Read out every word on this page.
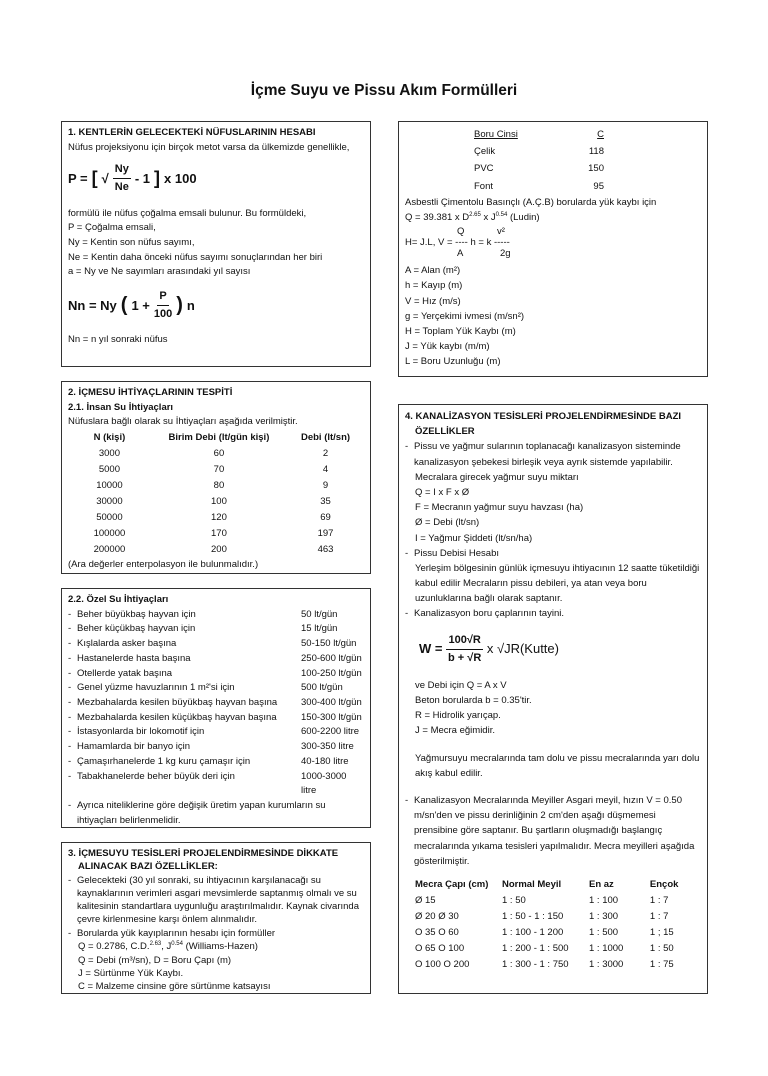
İçme Suyu ve Pissu Akım Formülleri
1. KENTLERİN GELECEKTEKİ NÜFUSLARININ HESABI
Nüfus projeksiyonu için birçok metot varsa da ülkemizde genellikle,
P = [ √ $\frac{Ny}{Ne} - 1$ ] x 100
formülü ile nüfus çoğalma emsali bulunur. Bu formüldeki,
P = Çoğalma emsali,
Ny = Kentin son nüfus sayımı,
Ne = Kentin daha önceki nüfus sayımı sonuçlarından her biri
a = Ny ve Ne sayımları arasındaki yıl sayısı
Nn = Ny ( $1 + \frac{P}{100}$ ) n
Nn = n yıl sonraki nüfus
2. İÇMESU İHTİYAÇLARININ TESPİTİ
2.1. İnsan Su İhtiyaçları
Nüfuslara bağlı olarak su İhtiyaçları aşağıda verilmiştir.
N (kişi)	Birim Debi (lt/gün kişi)	Debi (lt/sn)
3000	60	2
5000	70	4
10000	80	9
30000	100	35
50000	120	69
100000	170	197
200000	200	463
(Ara değerler enterpolasyon ile bulunmalıdır.)
2.2. Özel Su İhtiyaçları
- Beher büyükbaş hayvan için	50 lt/gün
- Beher küçükbaş hayvan için	15 lt/gün
- Kışlalarda asker başına	50-150 lt/gün
- Hastanelerde hasta başına	250-600 lt/gün
- Otellerde yatak başına	100-250 lt/gün
- Genel yüzme havuzlarının 1 m²'si için	500 lt/gün
- Mezbahalarda kesilen büyükbaş hayvan başına	300-400 lt/gün
- Mezbahalarda kesilen küçükbaş hayvan başına	150-300 lt/gün
- İstasyonlarda bir lokomotif için	600-2200 litre
- Hamamlarda bir banyo için	300-350 litre
- Çamaşırhanelerde 1 kg kuru çamaşır için	40-180 litre
- Tabakhanelerde beher büyük deri için	1000-3000 litre
- Ayrıca niteliklerine göre değişik üretim yapan kurumların su ihtiyaçları belirlenmelidir.
3. İÇMESUYU TESİSLERİ PROJELENDİRMESİNDE DİKKATE
ALINACAK BAZI ÖZELLİKLER:
- Gelecekteki (30 yıl sonraki, su ihtiyacının karşılanacağı su kaynaklarının verimleri asgari mevsimlerde saptanmış olmalı ve su kalitesinin standartlara uygunluğu araştırılmalıdır. Kaynak civarında çevre kirlenmesine karşı önlem alınmalıdır.
- Borularda yük kayıplarının hesabı için formüller
Q = 0.2786, C.D.$^{2.63}$, $J^{0.54}$ (Williams-Hazen)
Q = Debi (m³/sn), D = Boru Çapı (m)
J = Sürtünme Yük Kaybı.
C = Malzeme cinsine göre sürtünme katsayısı
Boru Cinsi	C
Çelik	118
PVC	150
Font	95
Asbestli Çimentolu Basınçlı (A.Ç.B) borularda yük kaybı için
Q = 39.381 x $D^{2.65}$ x $J^{0.54}$ (Ludin)
Q	v²
H= J.L, V = ---- h = k -----
A	2g
A = Alan (m²)
h = Kayıp (m)
V = Hız (m/s)
g = Yerçekimi ivmesi (m/sn²)
H = Toplam Yük Kaybı (m)
J = Yük kaybı (m/m)
L = Boru Uzunluğu (m)
4. KANALİZASYON TESİSLERİ PROJELENDİRMESİNDE BAZI
ÖZELLİKLER
- Pissu ve yağmur sularının toplanacağı kanalizasyon sisteminde kanalizasyon şebekesi birleşik veya ayrık sistemde yapılabilir.
Mecralara girecek yağmur suyu miktarı
Q = I x F x Ø
F = Mecranın yağmur suyu havzası (ha)
Ø = Debi (lt/sn)
I = Yağmur Şiddeti (lt/sn/ha)
- Pissu Debisi Hesabı
Yerleşim bölgesinin günlük içmesuyu ihtiyacının 12 saatte tüketildiği kabul edilir Mecraların pissu debileri, ya atan veya boru uzunluklarına bağlı olarak saptanır.
- Kanalizasyon boru çaplarının tayini.
$W = \frac{100√R}{b + √R}$ x √JR(Kutte)
ve Debi için Q = A x V
Beton borularda b = 0.35'tir.
R = Hidrolik yarıçap.
J = Mecra eğimidir.
Yağmursuyu mecralarında tam dolu ve pissu mecralarında yarı dolu akış kabul edilir.
- Kanalizasyon Mecralarında Meyiller Asgari meyil, hızın V = 0.50 m/sn'den ve pissu derinliğinin 2 cm'den aşağı düşmemesi prensibine göre saptanır. Bu şartların oluşmadığı başlangıç mecralarında yıkama tesisleri yapılmalıdır. Mecra meyilleri aşağıda gösterilmiştir.
Mecra Çapı (cm)	Normal Meyil	En az	Ençok
Ø 15	1 : 50	1 : 100	1 : 7
Ø 20 Ø 30	1 : 50 - 1 : 150	1 : 300	1 : 7
O 35 O 60	1 : 100 - 1 200	1 : 500	1 ; 15
O 65 O 100	1 : 200 - 1 : 500	1 : 1000	1 : 50
O 100 O 200	1 : 300 - 1 : 750	1 : 3000	1 : 75
